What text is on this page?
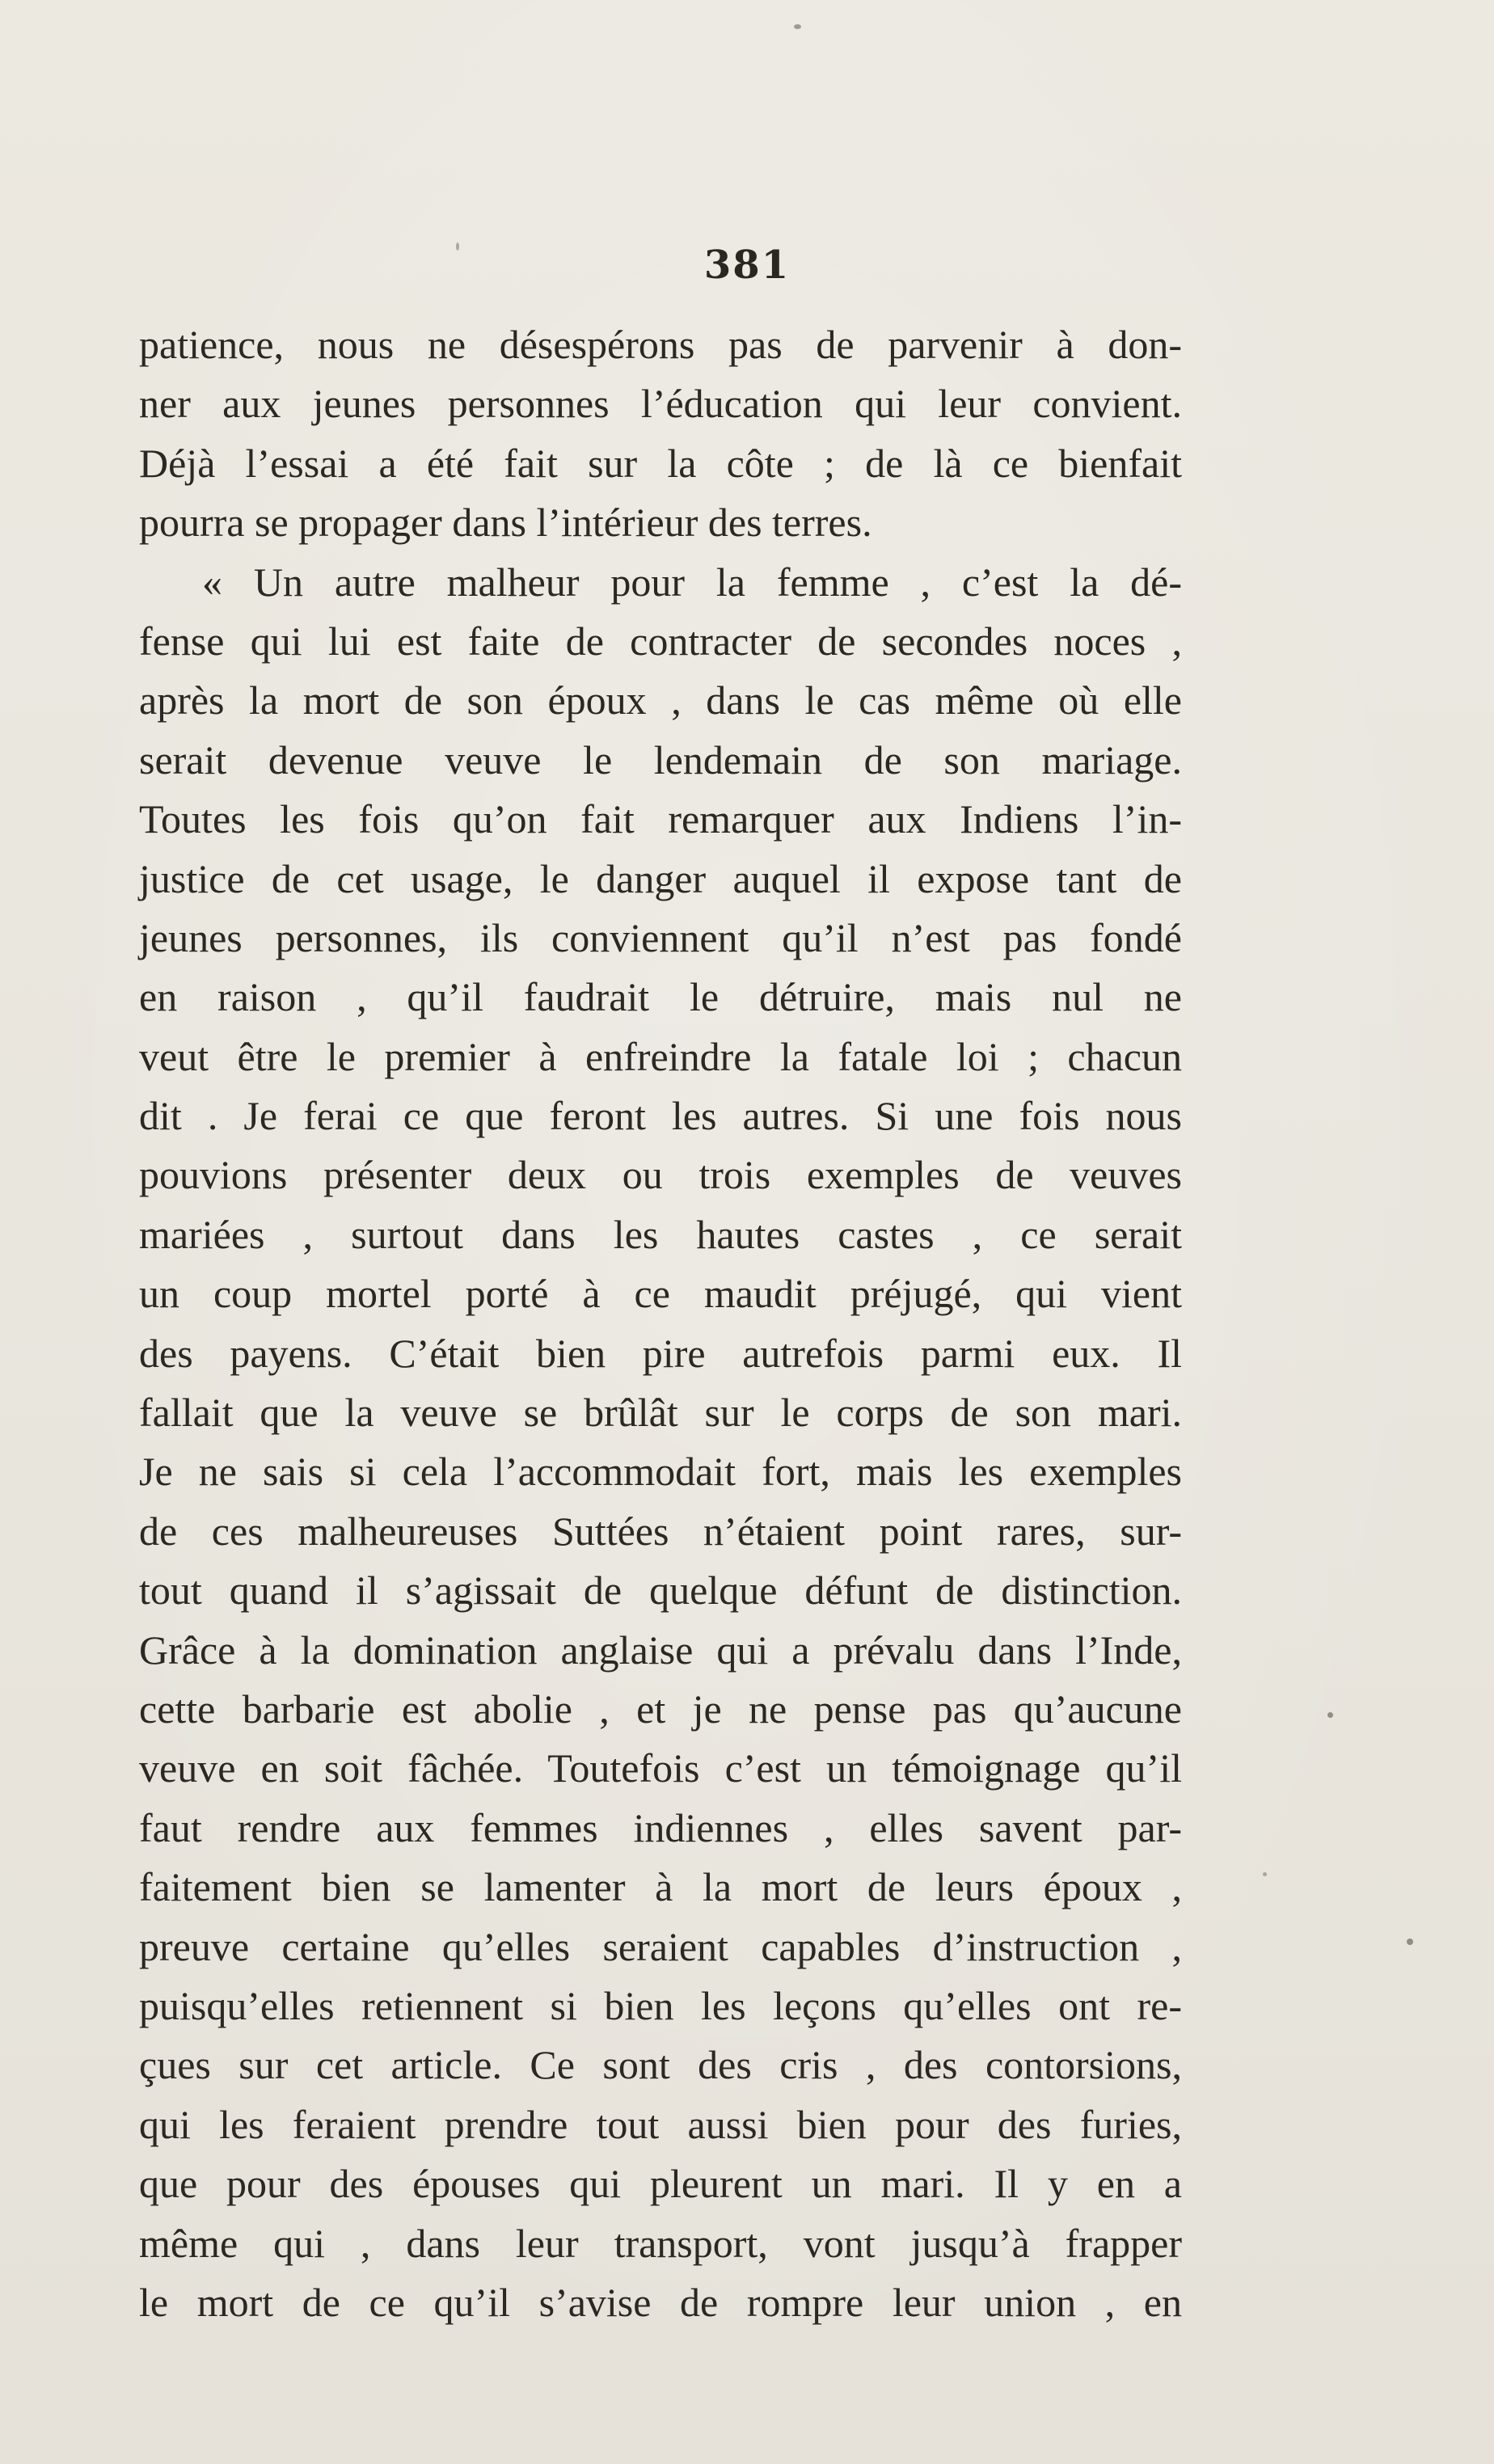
381
patience, nous ne désespérons pas de parvenir à don-
ner aux jeunes personnes l’éducation qui leur convient.
Déjà l’essai a été fait sur la côte ; de là ce bienfait
pourra se propager dans l’intérieur des terres.
« Un autre malheur pour la femme , c’est la dé-
fense qui lui est faite de contracter de secondes noces ,
après la mort de son époux , dans le cas même où elle
serait devenue veuve le lendemain de son mariage.
Toutes les fois qu’on fait remarquer aux Indiens l’in-
justice de cet usage, le danger auquel il expose tant de
jeunes personnes, ils conviennent qu’il n’est pas fondé
en raison , qu’il faudrait le détruire, mais nul ne
veut être le premier à enfreindre la fatale loi ; chacun
dit . Je ferai ce que feront les autres. Si une fois nous
pouvions présenter deux ou trois exemples de veuves
mariées , surtout dans les hautes castes , ce serait
un coup mortel porté à ce maudit préjugé, qui vient
des payens. C’était bien pire autrefois parmi eux. Il
fallait que la veuve se brûlât sur le corps de son mari.
Je ne sais si cela l’accommodait fort, mais les exemples
de ces malheureuses Suttées n’étaient point rares, sur-
tout quand il s’agissait de quelque défunt de distinction.
Grâce à la domination anglaise qui a prévalu dans l’Inde,
cette barbarie est abolie , et je ne pense pas qu’aucune
veuve en soit fâchée. Toutefois c’est un témoignage qu’il
faut rendre aux femmes indiennes , elles savent par-
faitement bien se lamenter à la mort de leurs époux ,
preuve certaine qu’elles seraient capables d’instruction ,
puisqu’elles retiennent si bien les leçons qu’elles ont re-
çues sur cet article. Ce sont des cris , des contorsions,
qui les feraient prendre tout aussi bien pour des furies,
que pour des épouses qui pleurent un mari. Il y en a
même qui , dans leur transport, vont jusqu’à frapper
le mort de ce qu’il s’avise de rompre leur union , en
